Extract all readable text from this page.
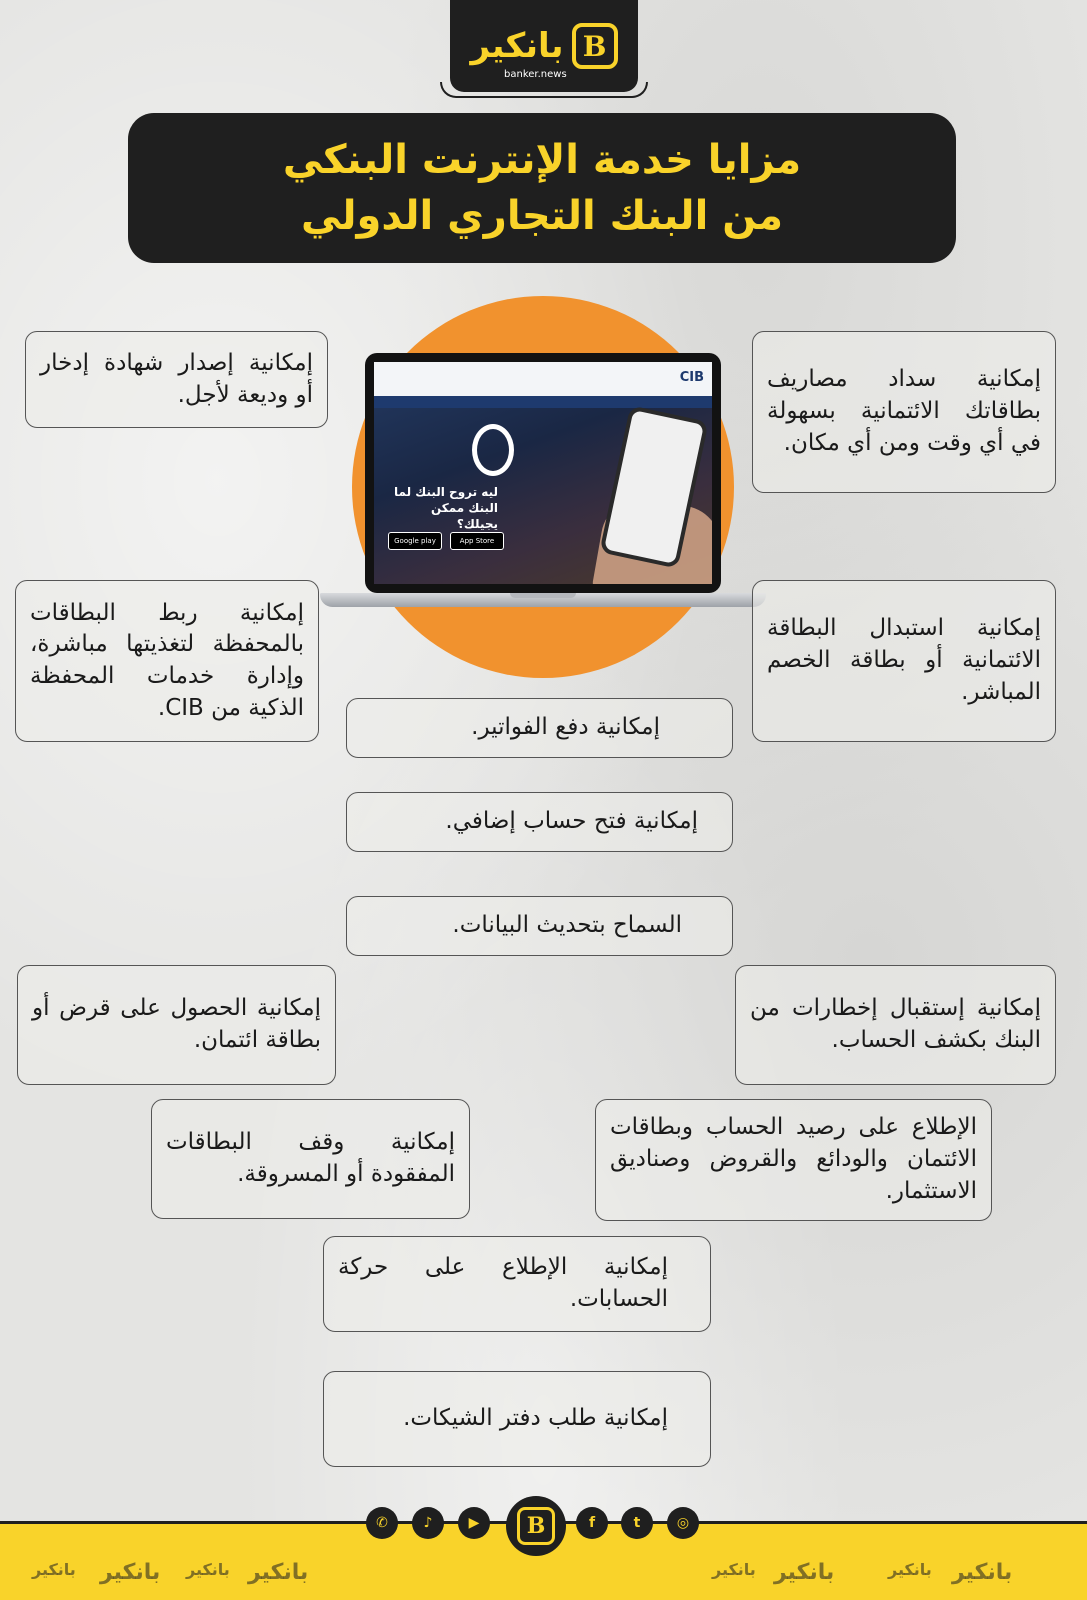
بانكير B
banker.news
مزايا خدمة الإنترنت البنكي
من البنك التجاري الدولي
CIB
ليه تروح البنك لما البنك ممكن يجيلك؟
Google play	App Store
إمكانية إصدار شهادة إدخار أو وديعة لأجل.
إمكانية سداد مصاريف بطاقاتك الائتمانية بسهولة في أي وقت ومن أي مكان.
إمكانية ربط البطاقات بالمحفظة لتغذيتها مباشرة، وإدارة خدمات المحفظة الذكية من CIB.
إمكانية استبدال البطاقة الائتمانية أو بطاقة الخصم المباشر.
إمكانية دفع الفواتير.
إمكانية فتح حساب إضافي.
السماح بتحديث البيانات.
إمكانية الحصول على قرض أو بطاقة ائتمان.
إمكانية إستقبال إخطارات من البنك بكشف الحساب.
إمكانية وقف البطاقات المفقودة أو المسروقة.
الإطلاع على رصيد الحساب وبطاقات الائتمان والودائع والقروض وصناديق الاستثمار.
إمكانية الإطلاع على حركة الحسابات.
إمكانية طلب دفتر الشيكات.
✆	♪	▶	B	f	t	◎
بانكير بانكير بانكير بانكير	بانكير بانكير	بانكير بانكير
